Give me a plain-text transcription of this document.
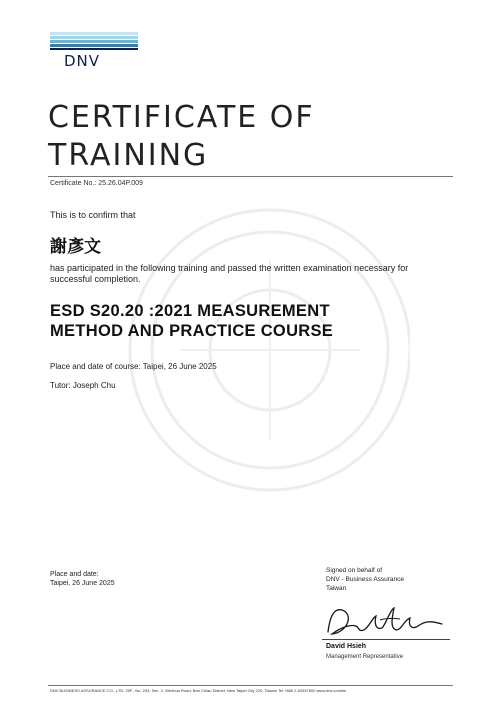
DNV
CERTIFICATE OF
TRAINING
Certificate No.: 25.26.04P.009
This is to confirm that
謝彥文
has participated in the following training and passed the written examination necessary for successful completion.
ESD S20.20 :2021 MEASUREMENT
METHOD AND PRACTICE COURSE
Place and date of course: Taipei, 26 June 2025
Tutor: Joseph Chu
Place and date:
Taipei, 26 June 2025
Signed on behalf of
DNV - Business Assurance
Taiwan
David Hsieh
Management Representative
DNV BUSINESS ASSURANCE CO., LTD. 29F., No. 293, Sec. 2, Wenhua Road, Ban Chiau District, New Taipei City 220, Taiwan Tel +886 2 82537800 www.dnv.com/tw
